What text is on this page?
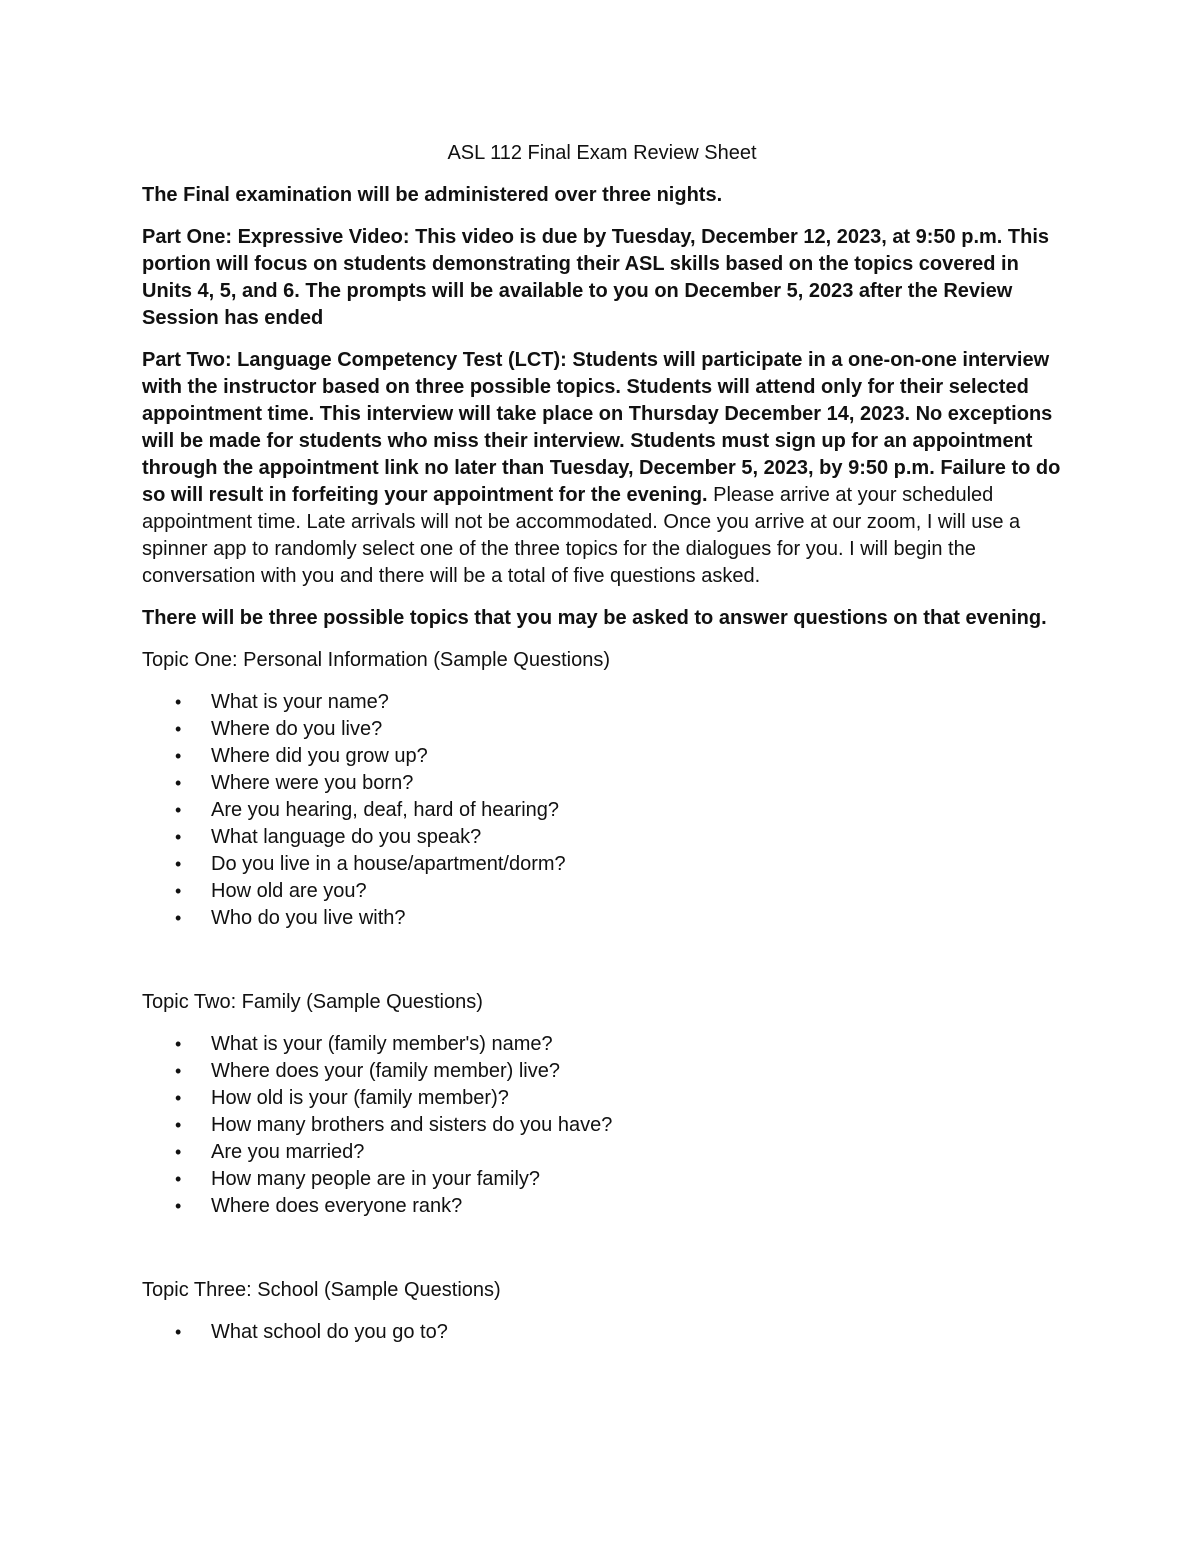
ASL 112 Final Exam Review Sheet

The Final examination will be administered over three nights.

Part One: Expressive Video: This video is due by Tuesday, December 12, 2023, at 9:50 p.m. This portion will focus on students demonstrating their ASL skills based on the topics covered in Units 4, 5, and 6. The prompts will be available to you on December 5, 2023 after the Review Session has ended

Part Two: Language Competency Test (LCT): Students will participate in a one-on-one interview with the instructor based on three possible topics. Students will attend only for their selected appointment time. This interview will take place on Thursday December 14, 2023. No exceptions will be made for students who miss their interview. Students must sign up for an appointment through the appointment link no later than Tuesday, December 5, 2023, by 9:50 p.m. Failure to do so will result in forfeiting your appointment for the evening. Please arrive at your scheduled appointment time. Late arrivals will not be accommodated. Once you arrive at our zoom, I will use a spinner app to randomly select one of the three topics for the dialogues for you. I will begin the conversation with you and there will be a total of five questions asked.

There will be three possible topics that you may be asked to answer questions on that evening.

Topic One: Personal Information (Sample Questions)
• What is your name?
• Where do you live?
• Where did you grow up?
• Where were you born?
• Are you hearing, deaf, hard of hearing?
• What language do you speak?
• Do you live in a house/apartment/dorm?
• How old are you?
• Who do you live with?
Topic Two: Family (Sample Questions)
• What is your (family member's) name?
• Where does your (family member) live?
• How old is your (family member)?
• How many brothers and sisters do you have?
• Are you married?
• How many people are in your family?
• Where does everyone rank?
Topic Three: School (Sample Questions)
• What school do you go to?
